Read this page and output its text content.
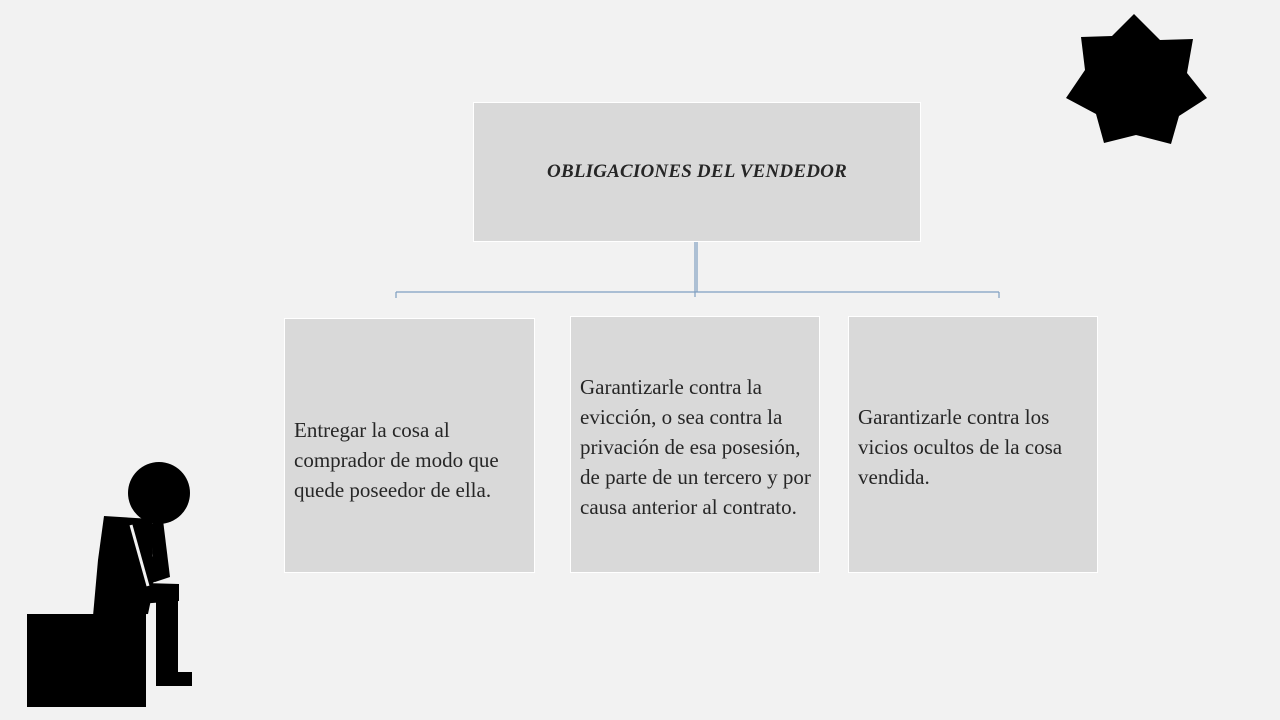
OBLIGACIONES DEL VENDEDOR

Entregar la cosa al comprador de modo que quede poseedor de ella.

Garantizarle contra la evicción, o sea contra la privación de esa posesión, de parte de un tercero y por causa anterior al contrato.

Garantizarle contra los vicios ocultos de la cosa vendida.
